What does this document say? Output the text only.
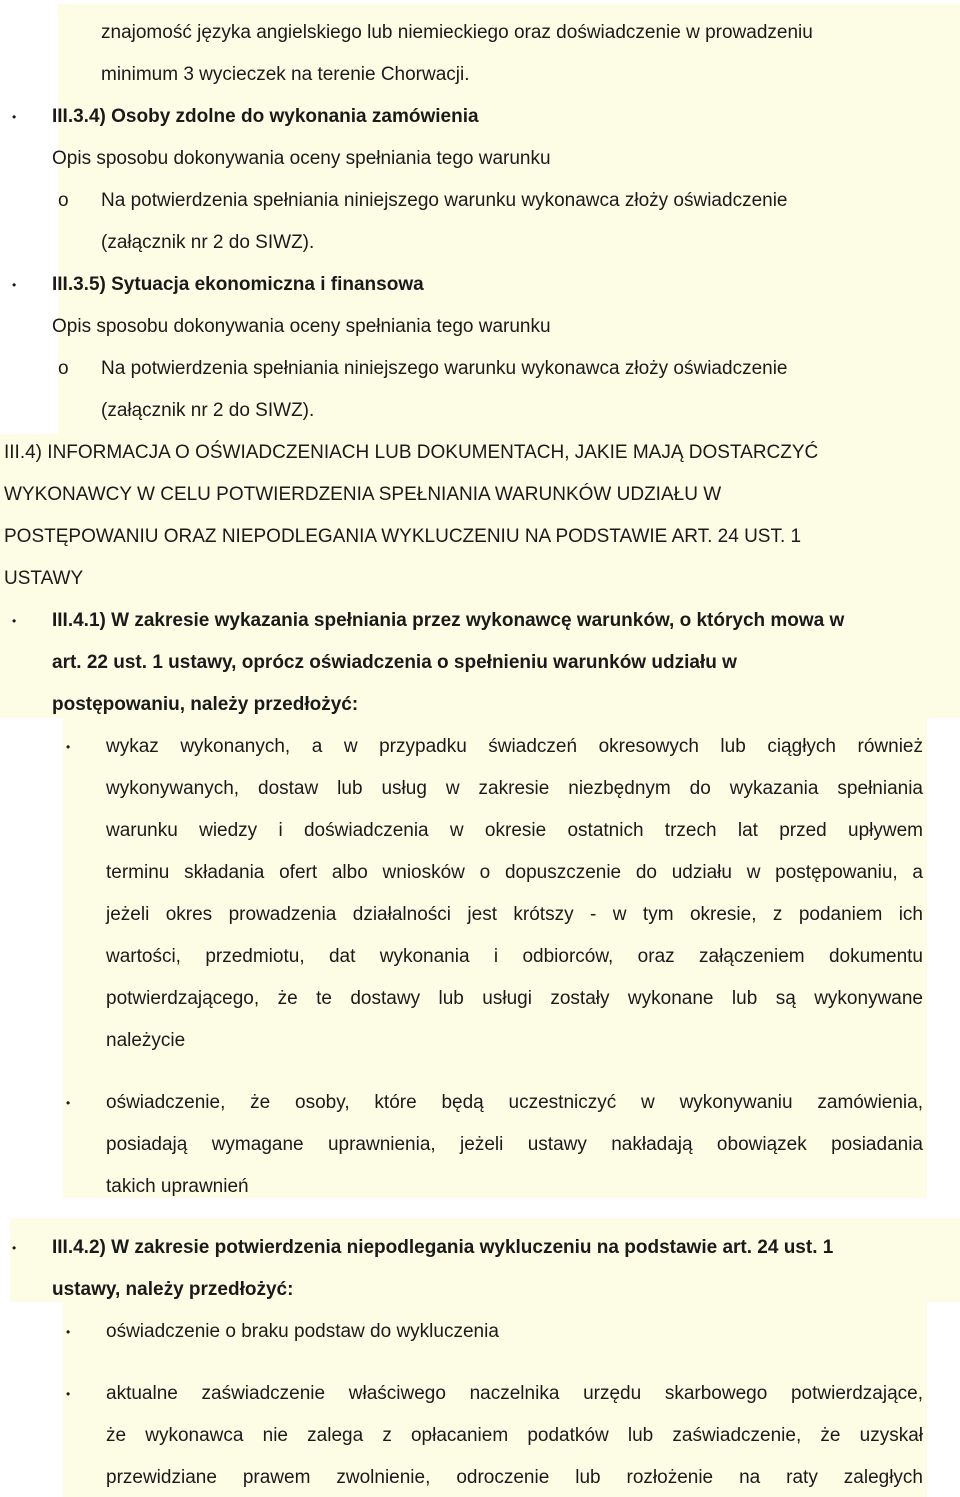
znajomość języka angielskiego lub niemieckiego oraz doświadczenie w prowadzeniu
minimum 3 wycieczek na terenie Chorwacji.
• III.3.4) Osoby zdolne do wykonania zamówienia
Opis sposobu dokonywania oceny spełniania tego warunku
o Na potwierdzenia spełniania niniejszego warunku wykonawca złoży oświadczenie
(załącznik nr 2 do SIWZ).
• III.3.5) Sytuacja ekonomiczna i finansowa
Opis sposobu dokonywania oceny spełniania tego warunku
o Na potwierdzenia spełniania niniejszego warunku wykonawca złoży oświadczenie
(załącznik nr 2 do SIWZ).
III.4) INFORMACJA O OŚWIADCZENIACH LUB DOKUMENTACH, JAKIE MAJĄ DOSTARCZYĆ
WYKONAWCY W CELU POTWIERDZENIA SPEŁNIANIA WARUNKÓW UDZIAŁU W
POSTĘPOWANIU ORAZ NIEPODLEGANIA WYKLUCZENIU NA PODSTAWIE ART. 24 UST. 1
USTAWY
• III.4.1) W zakresie wykazania spełniania przez wykonawcę warunków, o których mowa w
art. 22 ust. 1 ustawy, oprócz oświadczenia o spełnieniu warunków udziału w
postępowaniu, należy przedłożyć:
• wykaz wykonanych, a w przypadku świadczeń okresowych lub ciągłych również
wykonywanych, dostaw lub usług w zakresie niezbędnym do wykazania spełniania
warunku wiedzy i doświadczenia w okresie ostatnich trzech lat przed upływem
terminu składania ofert albo wniosków o dopuszczenie do udziału w postępowaniu, a
jeżeli okres prowadzenia działalności jest krótszy - w tym okresie, z podaniem ich
wartości, przedmiotu, dat wykonania i odbiorców, oraz załączeniem dokumentu
potwierdzającego, że te dostawy lub usługi zostały wykonane lub są wykonywane
należycie
• oświadczenie, że osoby, które będą uczestniczyć w wykonywaniu zamówienia,
posiadają wymagane uprawnienia, jeżeli ustawy nakładają obowiązek posiadania
takich uprawnień
• III.4.2) W zakresie potwierdzenia niepodlegania wykluczeniu na podstawie art. 24 ust. 1
ustawy, należy przedłożyć:
• oświadczenie o braku podstaw do wykluczenia
• aktualne zaświadczenie właściwego naczelnika urzędu skarbowego potwierdzające,
że wykonawca nie zalega z opłacaniem podatków lub zaświadczenie, że uzyskał
przewidziane prawem zwolnienie, odroczenie lub rozłożenie na raty zaległych
